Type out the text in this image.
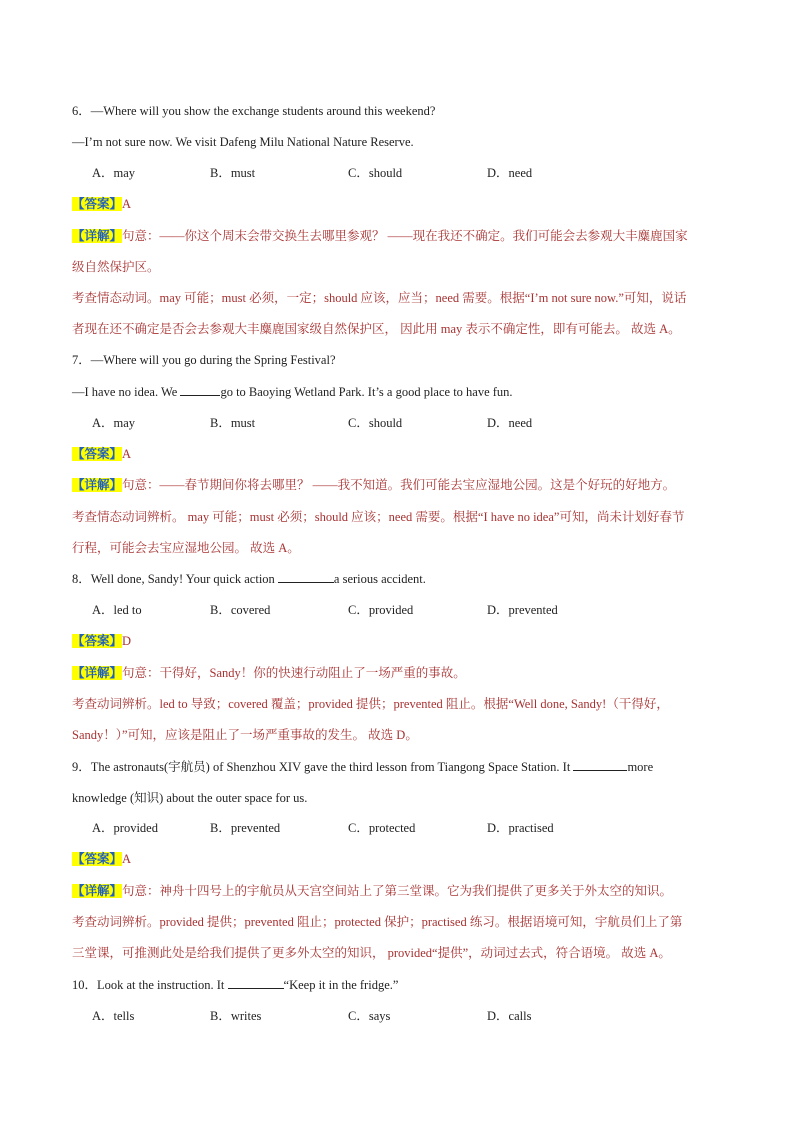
6．—Where will you show the exchange students around this weekend?
—I’m not sure now. We visit Dafeng Milu National Nature Reserve.
A．may	B．must	C．should	D．need
【答案】A
【详解】句意：——你这个周末会带交换生去哪里参观？ ——现在我还不确定。我们可能会去参观大丰麋鹿国家
级自然保护区。
考查情态动词。may 可能；must 必须，一定；should 应该，应当；need 需要。根据“I’m not sure now.”可知，说话
者现在还不确定是否会去参观大丰麋鹿国家级自然保护区， 因此用 may 表示不确定性，即有可能去。 故选 A。
7．—Where will you go during the Spring Festival?
—I have no idea. We	go to Baoying Wetland Park. It’s a good place to have fun.
A．may	B．must	C．should	D．need
【答案】A
【详解】句意：——春节期间你将去哪里？ ——我不知道。我们可能去宝应湿地公园。这是个好玩的好地方。
考查情态动词辨析。 may 可能；must 必须；should 应该；need 需要。根据“I have no idea”可知，尚未计划好春节
行程，可能会去宝应湿地公园。 故选 A。
8．Well done, Sandy! Your quick action	a serious accident.
A．led to	B．covered	C．provided	D．prevented
【答案】D
【详解】句意：干得好，Sandy！你的快速行动阻止了一场严重的事故。
考查动词辨析。led to 导致；covered 覆盖；provided 提供；prevented 阻止。根据“Well done, Sandy!（干得好，
Sandy！）”可知，应该是阻止了一场严重事故的发生。 故选 D。
9．The astronauts(宇航员) of Shenzhou XIV gave the third lesson from Tiangong Space Station. It	more
knowledge (知识) about the outer space for us.
A．provided	B．prevented	C．protected	D．practised
【答案】A
【详解】句意：神舟十四号上的宇航员从天宫空间站上了第三堂课。它为我们提供了更多关于外太空的知识。
考查动词辨析。provided 提供；prevented 阻止；protected 保护；practised 练习。根据语境可知，宇航员们上了第
三堂课，可推测此处是给我们提供了更多外太空的知识， provided“提供”，动词过去式，符合语境。 故选 A。
10．Look at the instruction. It	“Keep it in the fridge.”
A．tells	B．writes	C．says	D．calls
